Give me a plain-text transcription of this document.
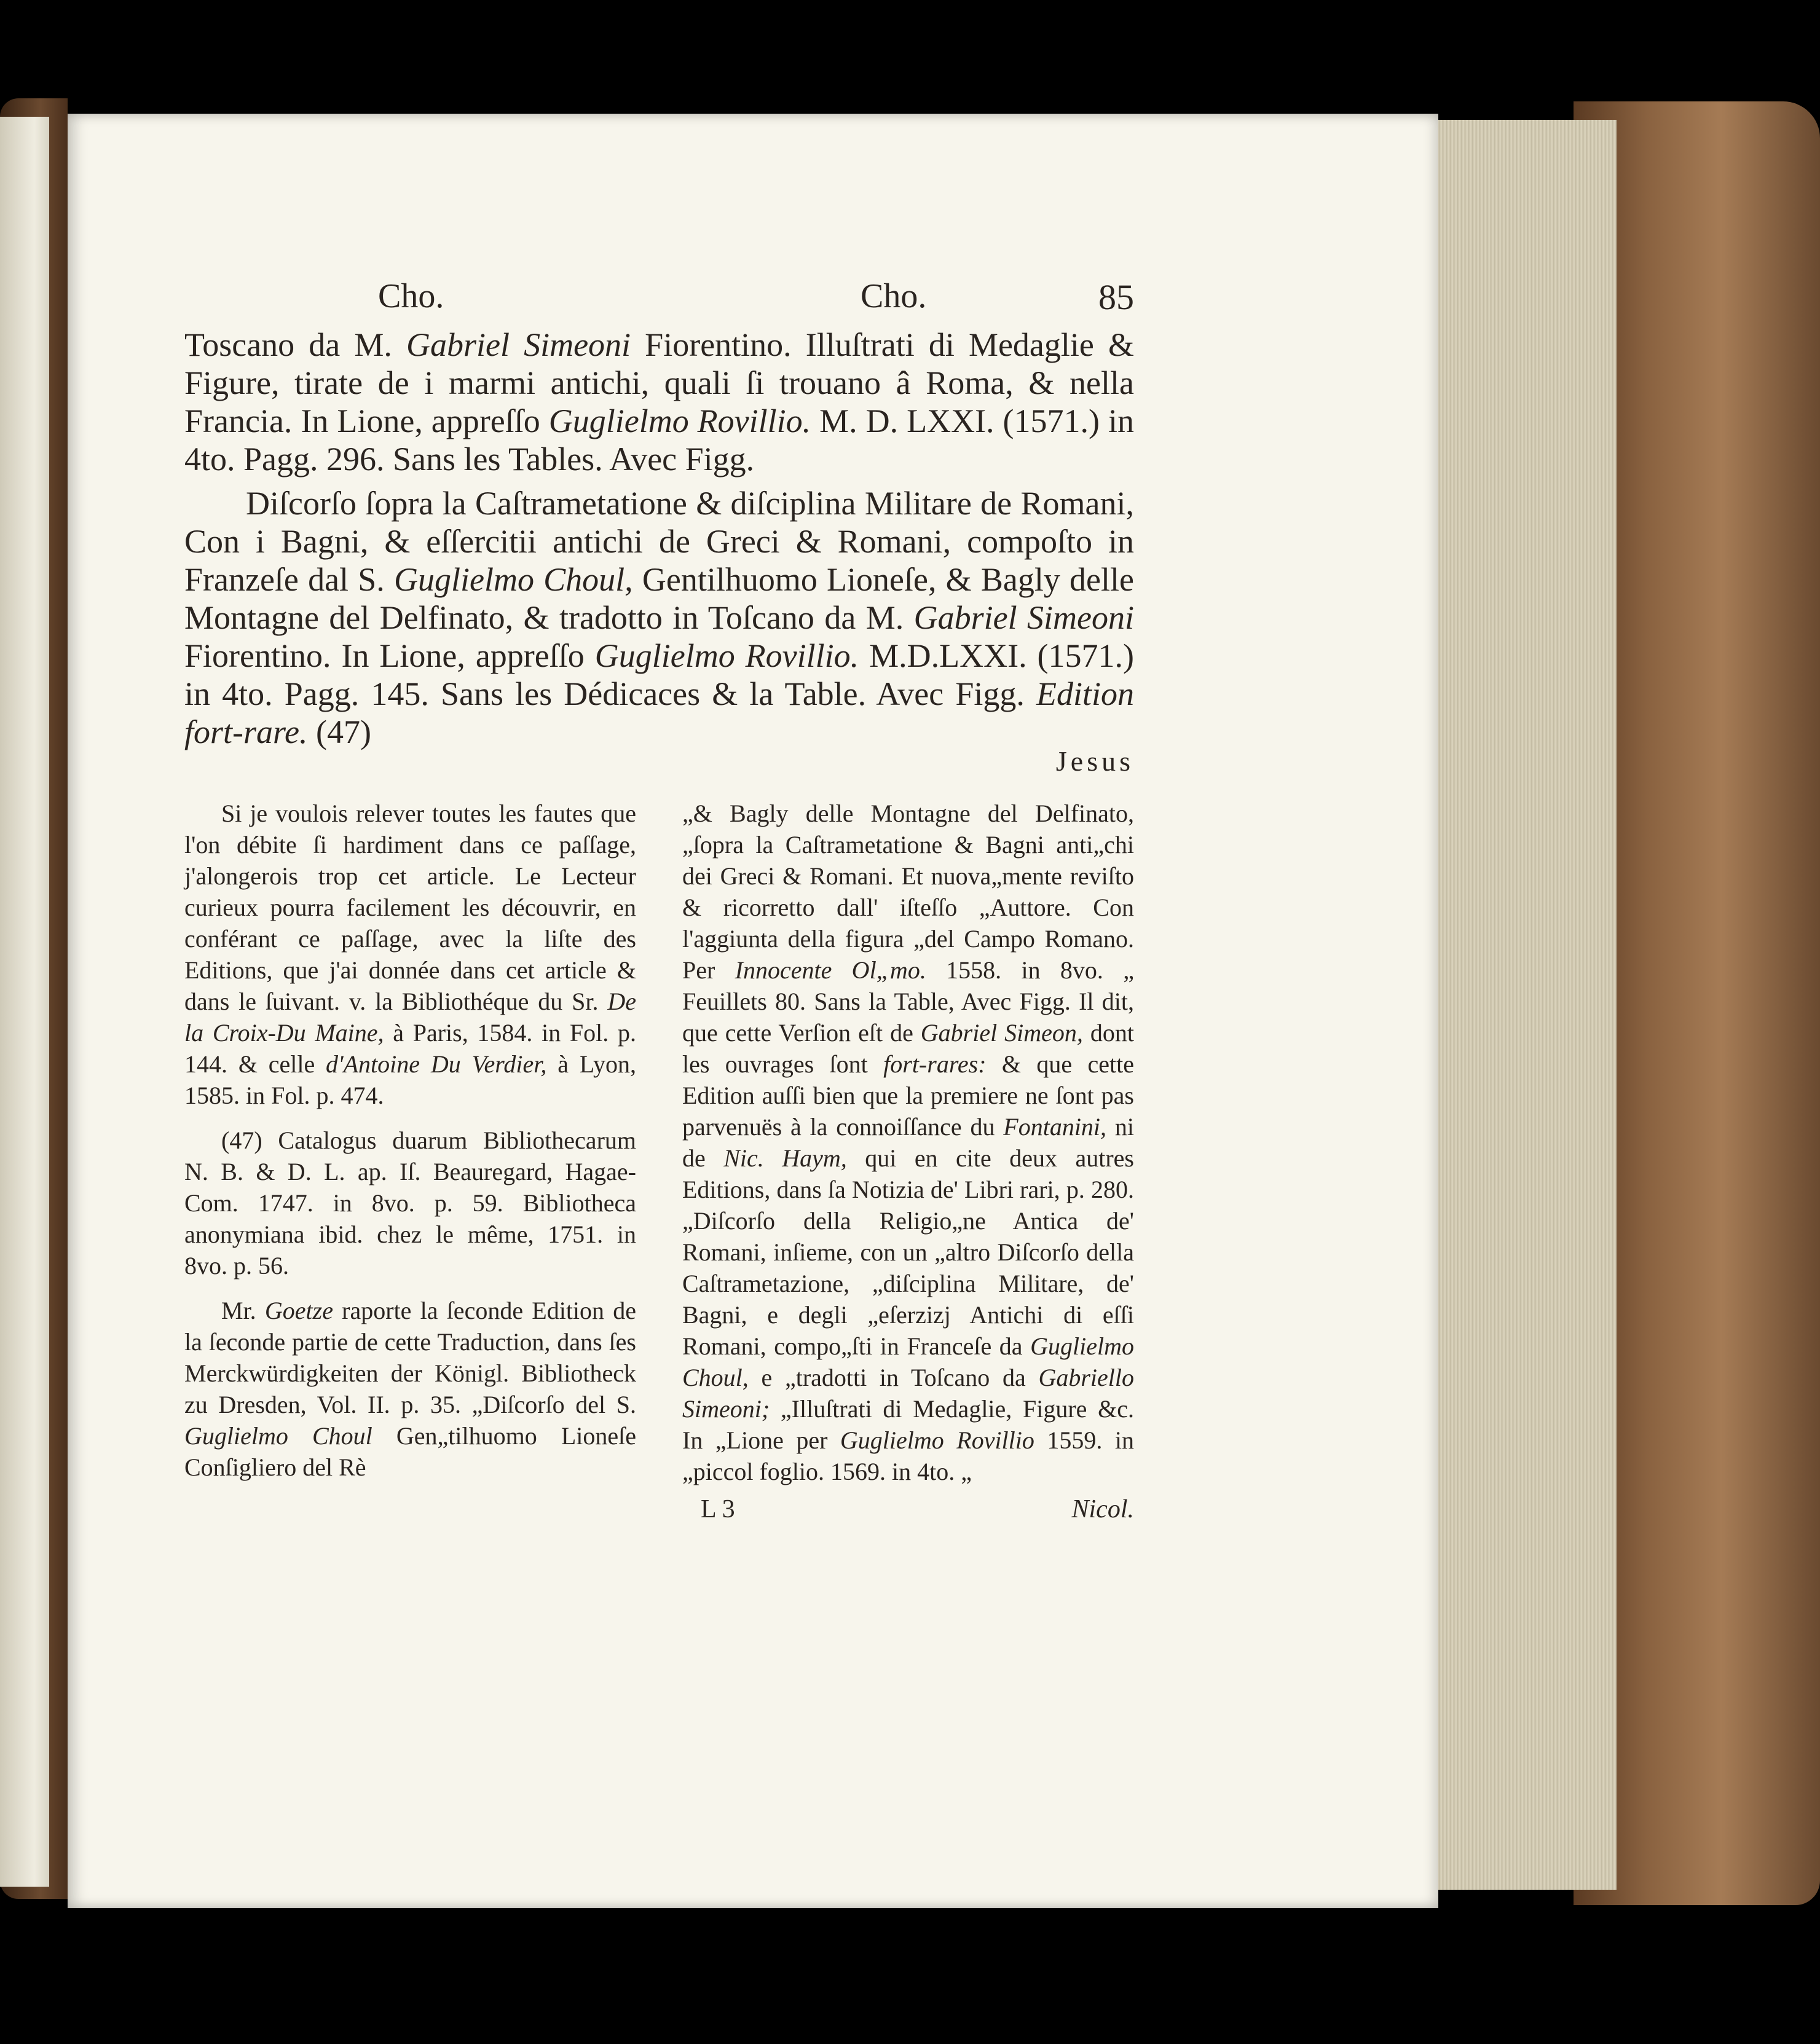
Cho.	Cho.	85

Toscano da M. Gabriel Simeoni Fiorentino. Illuſtrati di Medaglie & Figure, tirate de i marmi antichi, quali ſi trouano â Roma, & nella Francia. In Lione, appreſſo Guglielmo Rovillio. M. D. LXXI. (1571.) in 4to. Pagg. 296. Sans les Tables. Avec Figg.

Diſcorſo ſopra la Caſtrametatione & diſciplina Militare de Romani, Con i Bagni, & eſſercitii antichi de Greci & Romani, compoſto in Franzeſe dal S. Guglielmo Choul, Gentilhuomo Lioneſe, & Bagly delle Montagne del Delfinato, & tradotto in Toſcano da M. Gabriel Simeoni Fiorentino. In Lione, appreſſo Guglielmo Rovillio. M.D.LXXI. (1571.) in 4to. Pagg. 145. Sans les Dédicaces & la Table. Avec Figg. Edition fort-rare. (47)

Jesus

Si je voulois relever toutes les fautes que l'on débite ſi hardiment dans ce paſſage, j'alongerois trop cet article. Le Lecteur curieux pourra facilement les découvrir, en conférant ce paſſage, avec la liſte des Editions, que j'ai donnée dans cet article & dans le ſuivant. v. la Bibliothéque du Sr. De la Croix-Du Maine, à Paris, 1584. in Fol. p. 144. & celle d'Antoine Du Verdier, à Lyon, 1585. in Fol. p. 474.

(47) Catalogus duarum Bibliothecarum N. B. & D. L. ap. Iſ. Beauregard, Hagae-Com. 1747. in 8vo. p. 59. Bibliotheca anonymiana ibid. chez le même, 1751. in 8vo. p. 56.

Mr. Goetze raporte la ſeconde Edition de la ſeconde partie de cette Traduction, dans ſes Merckwürdigkeiten der Königl. Bibliotheck zu Dresden, Vol. II. p. 35. „Diſcorſo del S. Guglielmo Choul Gen„tilhuomo Lioneſe Conſigliero del Rè

„& Bagly delle Montagne del Delfinato, „ſopra la Caſtrametatione & Bagni anti„chi dei Greci & Romani. Et nuova„mente reviſto & ricorretto dall' iſteſſo „Auttore. Con l'aggiunta della figura „del Campo Romano. Per Innocente Ol„mo. 1558. in 8vo. „ Feuillets 80. Sans la Table, Avec Figg. Il dit, que cette Verſion eſt de Gabriel Simeon, dont les ouvrages ſont fort-rares: & que cette Edition auſſi bien que la premiere ne ſont pas parvenuës à la connoiſſance du Fontanini, ni de Nic. Haym, qui en cite deux autres Editions, dans ſa Notizia de' Libri rari, p. 280. „Diſcorſo della Religio„ne Antica de' Romani, inſieme, con un „altro Diſcorſo della Caſtrametazione, „diſciplina Militare, de' Bagni, e degli „eſerzizj Antichi di eſſi Romani, compo„ſti in Franceſe da Guglielmo Choul, e „tradotti in Toſcano da Gabriello Simeoni; „Illuſtrati di Medaglie, Figure &c. In „Lione per Guglielmo Rovillio 1559. in „piccol foglio. 1569. in 4to. „

L 3	Nicol.
